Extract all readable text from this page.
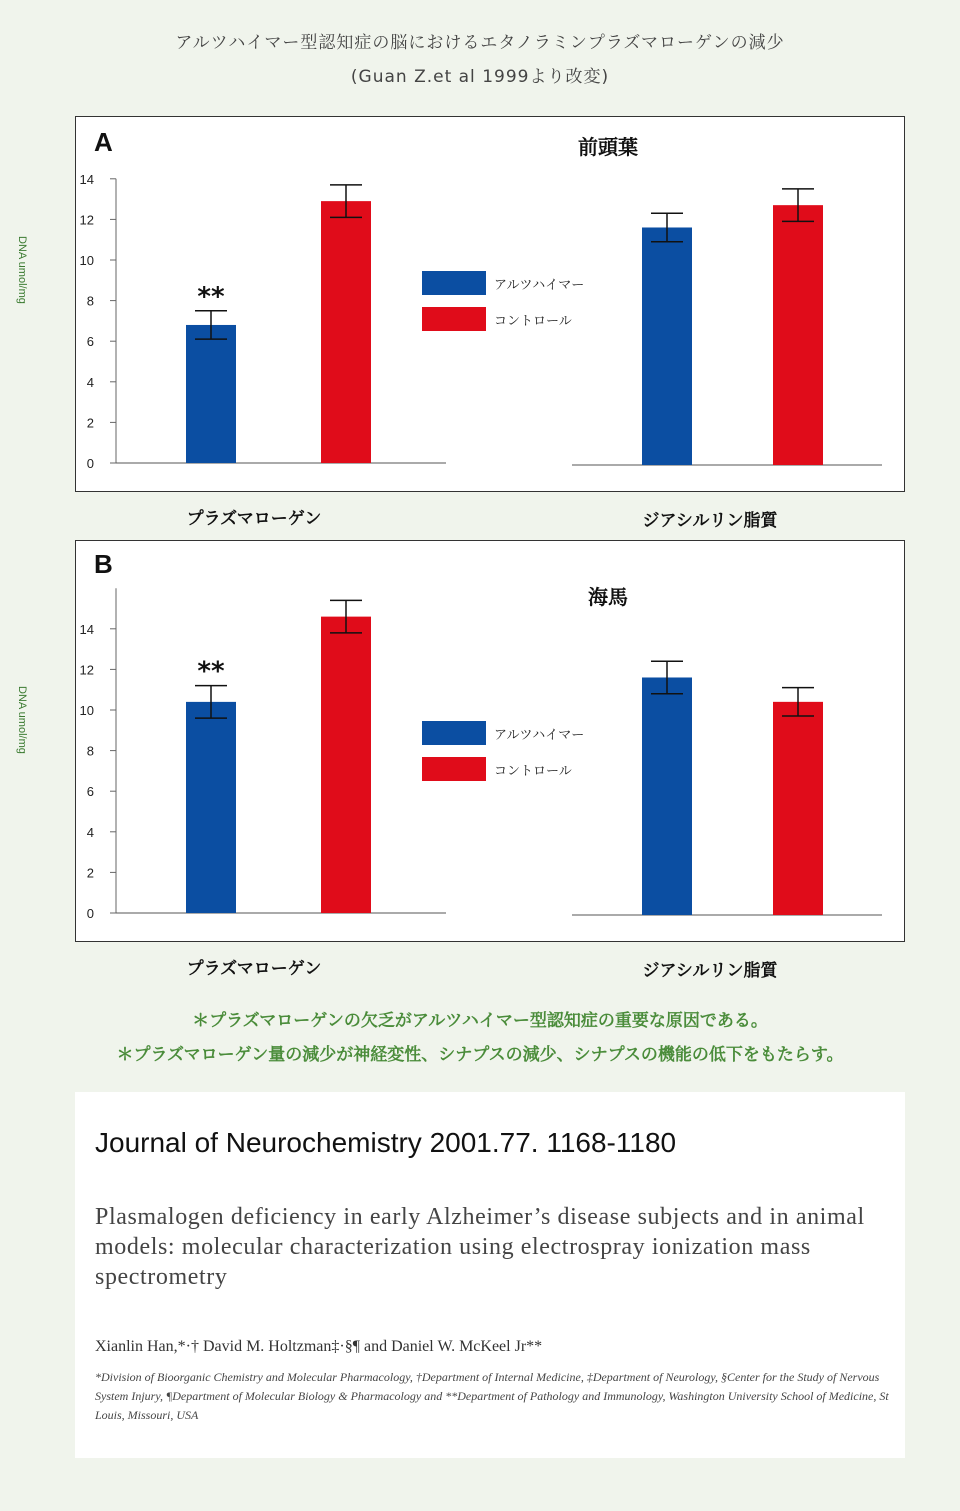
アルツハイマー型認知症の脳におけるエタノラミンプラズマローゲンの減少
(Guan Z.et al 1999より改変)
0
2
4
6
8
10
12
14
**
A	前頭葉
アルツハイマー
コントロール
DNA umol/mg
プラズマローゲン	ジアシルリン脂質
0
2
4
6
8
10
12
14
**
B
海馬
アルツハイマー
コントロール
DNA umol/mg
プラズマローゲン	ジアシルリン脂質
＊プラズマローゲンの欠乏がアルツハイマー型認知症の重要な原因である。
＊プラズマローゲン量の減少が神経変性、シナプスの減少、シナプスの機能の低下をもたらす。
Journal of Neurochemistry 2001.77. 1168-1180
Plasmalogen deficiency in early Alzheimer’s disease subjects and in animal models: molecular characterization using electrospray ionization mass spectrometry
Xianlin Han,*·† David M. Holtzman‡·§¶ and Daniel W. McKeel Jr**
*Division of Bioorganic Chemistry and Molecular Pharmacology, †Department of Internal Medicine, ‡Department of Neurology, §Center for the Study of Nervous System Injury, ¶Department of Molecular Biology & Pharmacology and **Department of Pathology and Immunology, Washington University School of Medicine, St Louis, Missouri, USA
